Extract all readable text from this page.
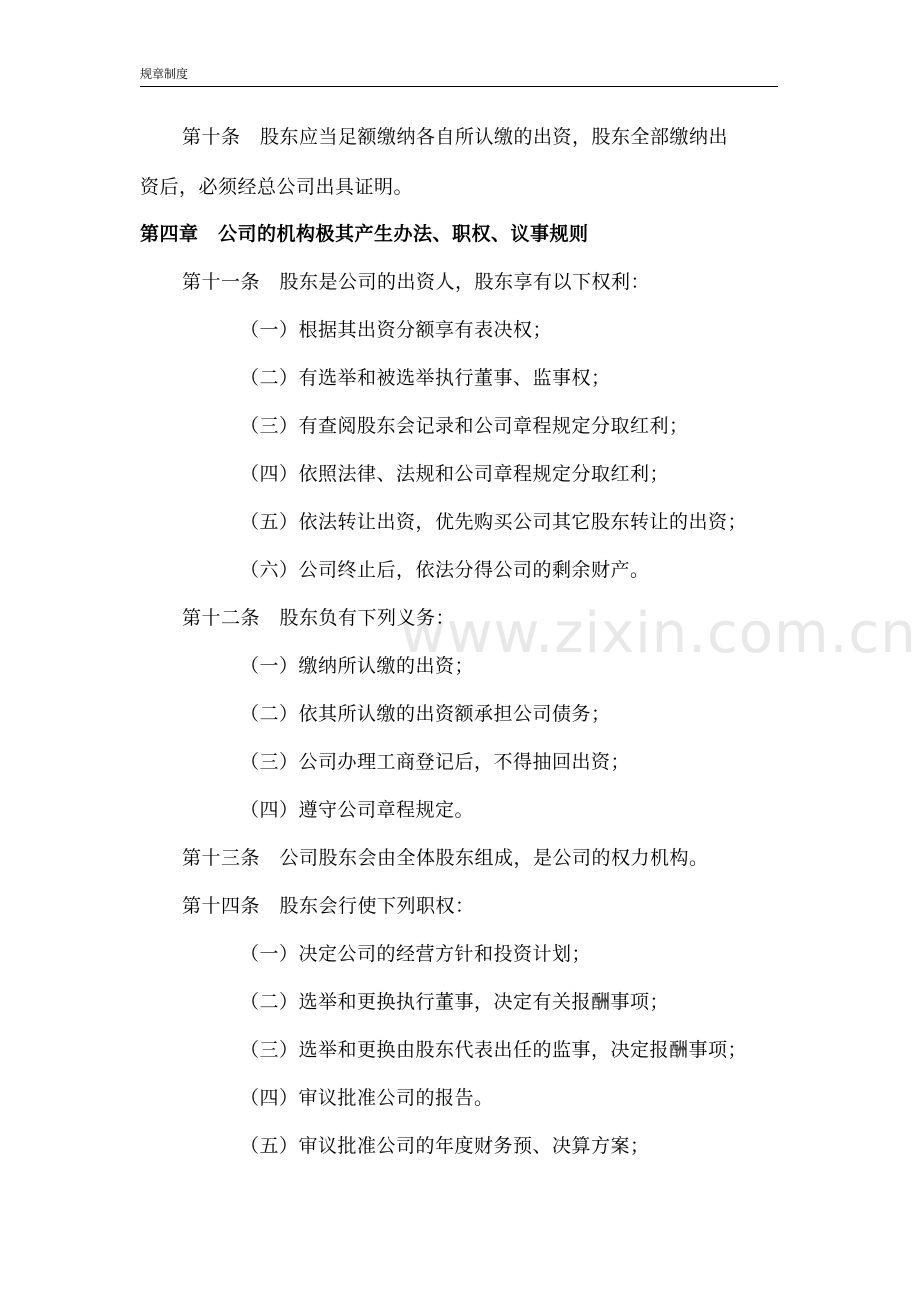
规章制度
www.zixin.com.cn
第十条　股东应当足额缴纳各自所认缴的出资，股东全部缴纳出
资后，必须经总公司出具证明。
第四章　公司的机构极其产生办法、职权、议事规则
第十一条　股东是公司的出资人，股东享有以下权利：
（一）根据其出资分额享有表决权；
（二）有选举和被选举执行董事、监事权；
（三）有查阅股东会记录和公司章程规定分取红利；
（四）依照法律、法规和公司章程规定分取红利；
（五）依法转让出资，优先购买公司其它股东转让的出资；
（六）公司终止后，依法分得公司的剩余财产。
第十二条　股东负有下列义务：
（一）缴纳所认缴的出资；
（二）依其所认缴的出资额承担公司债务；
（三）公司办理工商登记后，不得抽回出资；
（四）遵守公司章程规定。
第十三条　公司股东会由全体股东组成，是公司的权力机构。
第十四条　股东会行使下列职权：
（一）决定公司的经营方针和投资计划；
（二）选举和更换执行董事，决定有关报酬事项；
（三）选举和更换由股东代表出任的监事，决定报酬事项；
（四）审议批准公司的报告。
（五）审议批准公司的年度财务预、决算方案；
